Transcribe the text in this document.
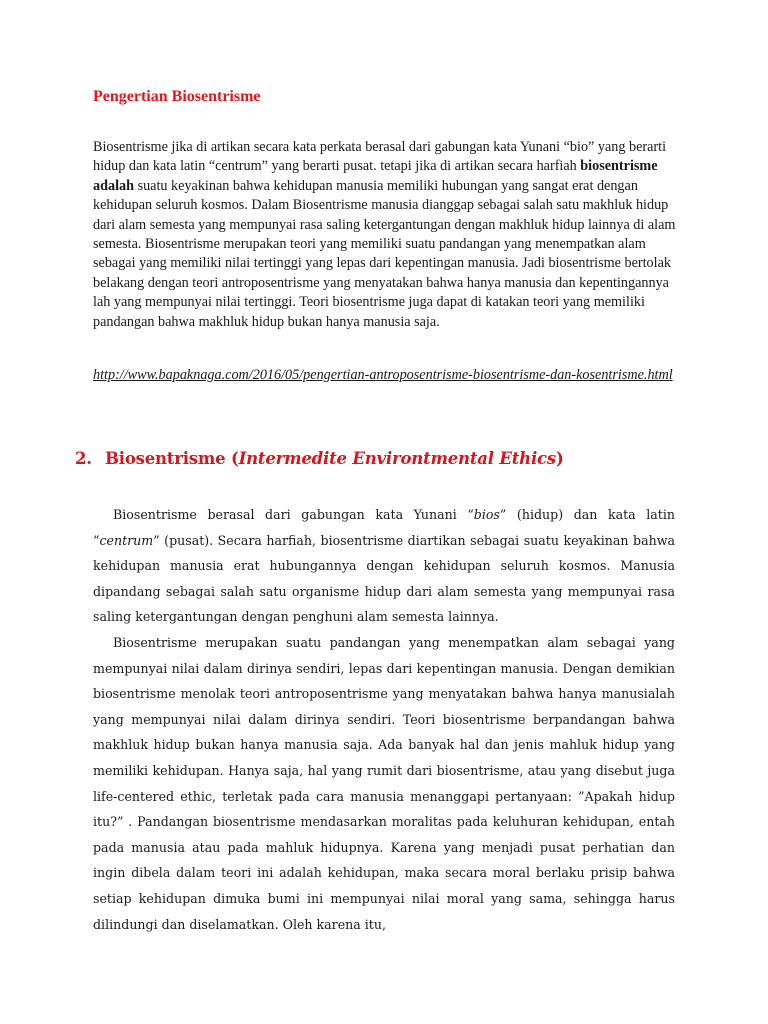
Pengertian Biosentrisme

Biosentrisme jika di artikan secara kata perkata berasal dari gabungan kata Yunani “bio” yang berarti hidup dan kata latin “centrum” yang berarti pusat. tetapi jika di artikan secara harfiah biosentrisme adalah suatu keyakinan bahwa kehidupan manusia memiliki hubungan yang sangat erat dengan kehidupan seluruh kosmos. Dalam Biosentrisme manusia dianggap sebagai salah satu makhluk hidup dari alam semesta yang mempunyai rasa saling ketergantungan dengan makhluk hidup lainnya di alam semesta. Biosentrisme merupakan teori yang memiliki suatu pandangan yang menempatkan alam sebagai yang memiliki nilai tertinggi yang lepas dari kepentingan manusia. Jadi biosentrisme bertolak belakang dengan teori antroposentrisme yang menyatakan bahwa hanya manusia dan kepentingannya lah yang mempunyai nilai tertinggi. Teori biosentrisme juga dapat di katakan teori yang memiliki pandangan bahwa makhluk hidup bukan hanya manusia saja.

http://www.bapaknaga.com/2016/05/pengertian-antroposentrisme-biosentrisme-dan-kosentrisme.html

2. Biosentrisme (Intermedite Environtmental Ethics)

Biosentrisme berasal dari gabungan kata Yunani “bios” (hidup) dan kata latin “centrum” (pusat). Secara harfiah, biosentrisme diartikan sebagai suatu keyakinan bahwa kehidupan manusia erat hubungannya dengan kehidupan seluruh kosmos. Manusia dipandang sebagai salah satu organisme hidup dari alam semesta yang mempunyai rasa saling ketergantungan dengan penghuni alam semesta lainnya.

Biosentrisme merupakan suatu pandangan yang menempatkan alam sebagai yang mempunyai nilai dalam dirinya sendiri, lepas dari kepentingan manusia. Dengan demikian biosentrisme menolak teori antroposentrisme yang menyatakan bahwa hanya manusialah yang mempunyai nilai dalam dirinya sendiri. Teori biosentrisme berpandangan bahwa makhluk hidup bukan hanya manusia saja. Ada banyak hal dan jenis mahluk hidup yang memiliki kehidupan. Hanya saja, hal yang rumit dari biosentrisme, atau yang disebut juga life-centered ethic, terletak pada cara manusia menanggapi pertanyaan: ”Apakah hidup itu?” . Pandangan biosentrisme mendasarkan moralitas pada keluhuran kehidupan, entah pada manusia atau pada mahluk hidupnya. Karena yang menjadi pusat perhatian dan ingin dibela dalam teori ini adalah kehidupan, maka secara moral berlaku prisip bahwa setiap kehidupan dimuka bumi ini mempunyai nilai moral yang sama, sehingga harus dilindungi dan diselamatkan. Oleh karena itu,
